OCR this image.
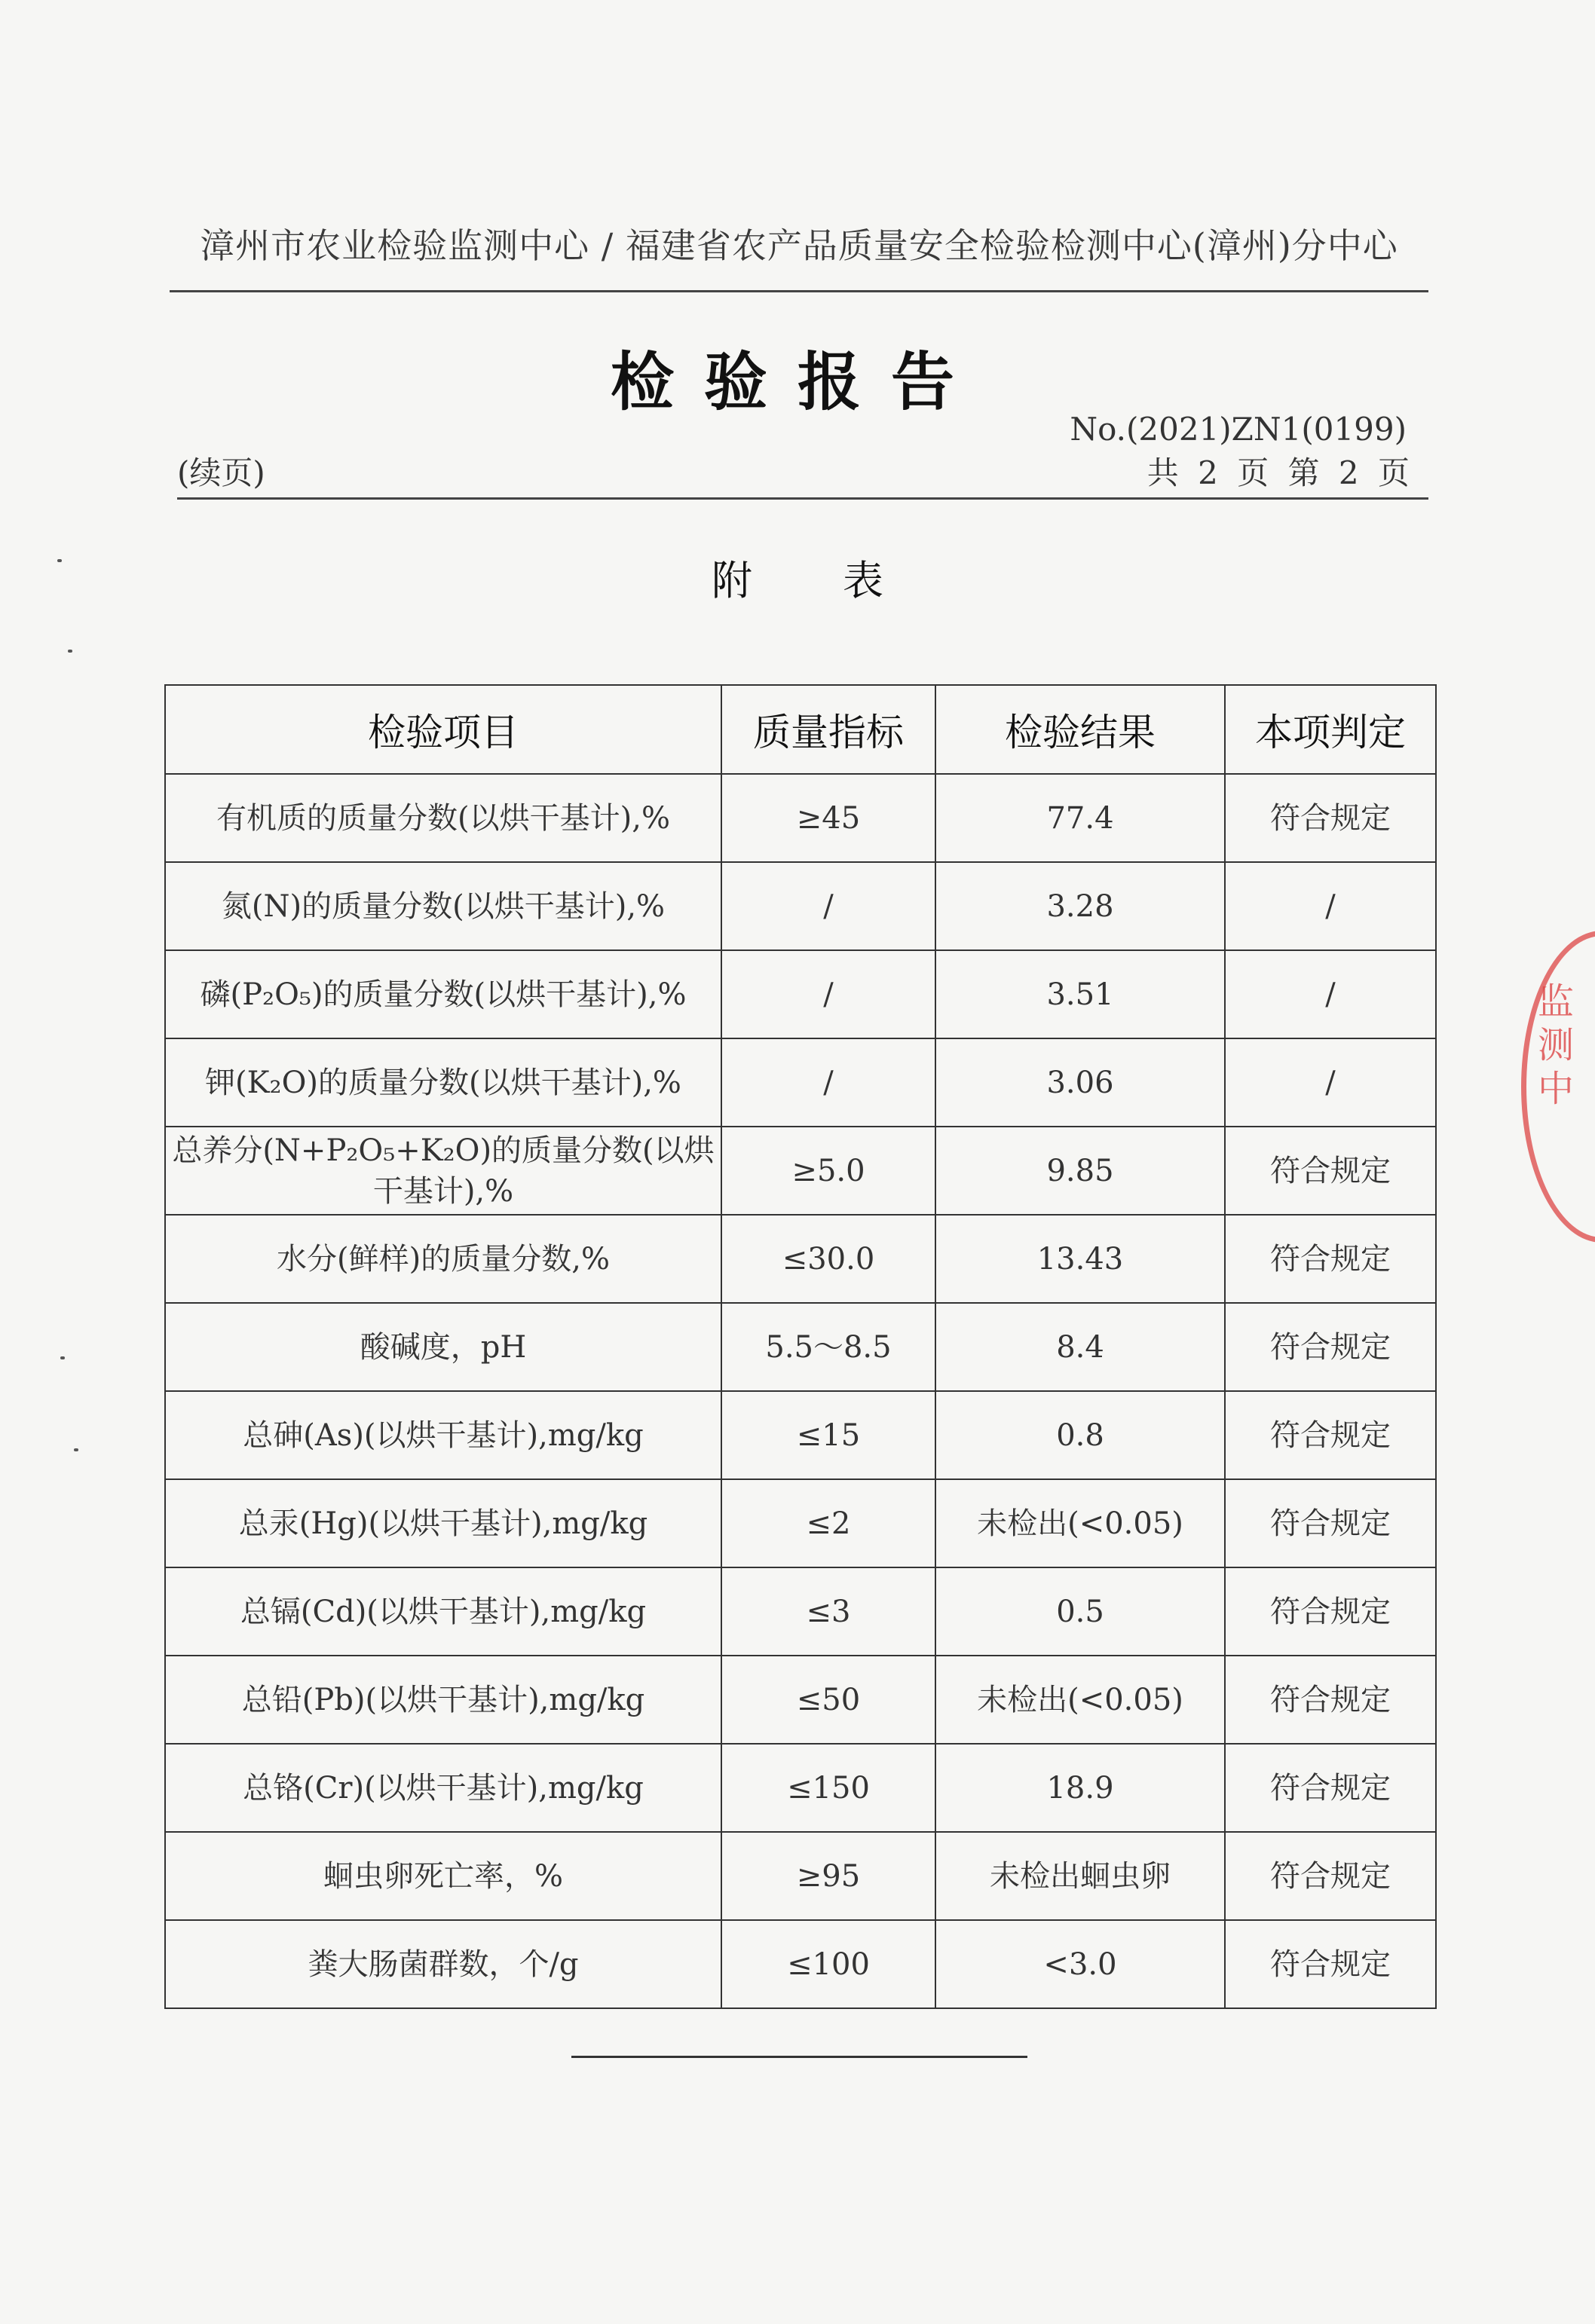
漳州市农业检验监测中心 / 福建省农产品质量安全检验检测中心(漳州)分中心
检验报告
No.(2021)ZN1(0199)
(续页)	共 2 页 第 2 页
附表
检验项目	质量指标	检验结果	本项判定
有机质的质量分数(以烘干基计),%	≥45	77.4	符合规定
氮(N)的质量分数(以烘干基计),%	/	3.28	/
磷(P₂O₅)的质量分数(以烘干基计),%	/	3.51	/
钾(K₂O)的质量分数(以烘干基计),%	/	3.06	/
总养分(N+P₂O₅+K₂O)的质量分数(以烘干基计),%	≥5.0	9.85	符合规定
水分(鲜样)的质量分数,%	≤30.0	13.43	符合规定
酸碱度，pH	5.5～8.5	8.4	符合规定
总砷(As)(以烘干基计),mg/kg	≤15	0.8	符合规定
总汞(Hg)(以烘干基计),mg/kg	≤2	未检出(<0.05)	符合规定
总镉(Cd)(以烘干基计),mg/kg	≤3	0.5	符合规定
总铅(Pb)(以烘干基计),mg/kg	≤50	未检出(<0.05)	符合规定
总铬(Cr)(以烘干基计),mg/kg	≤150	18.9	符合规定
蛔虫卵死亡率，%	≥95	未检出蛔虫卵	符合规定
粪大肠菌群数，个/g	≤100	<3.0	符合规定
监测中
